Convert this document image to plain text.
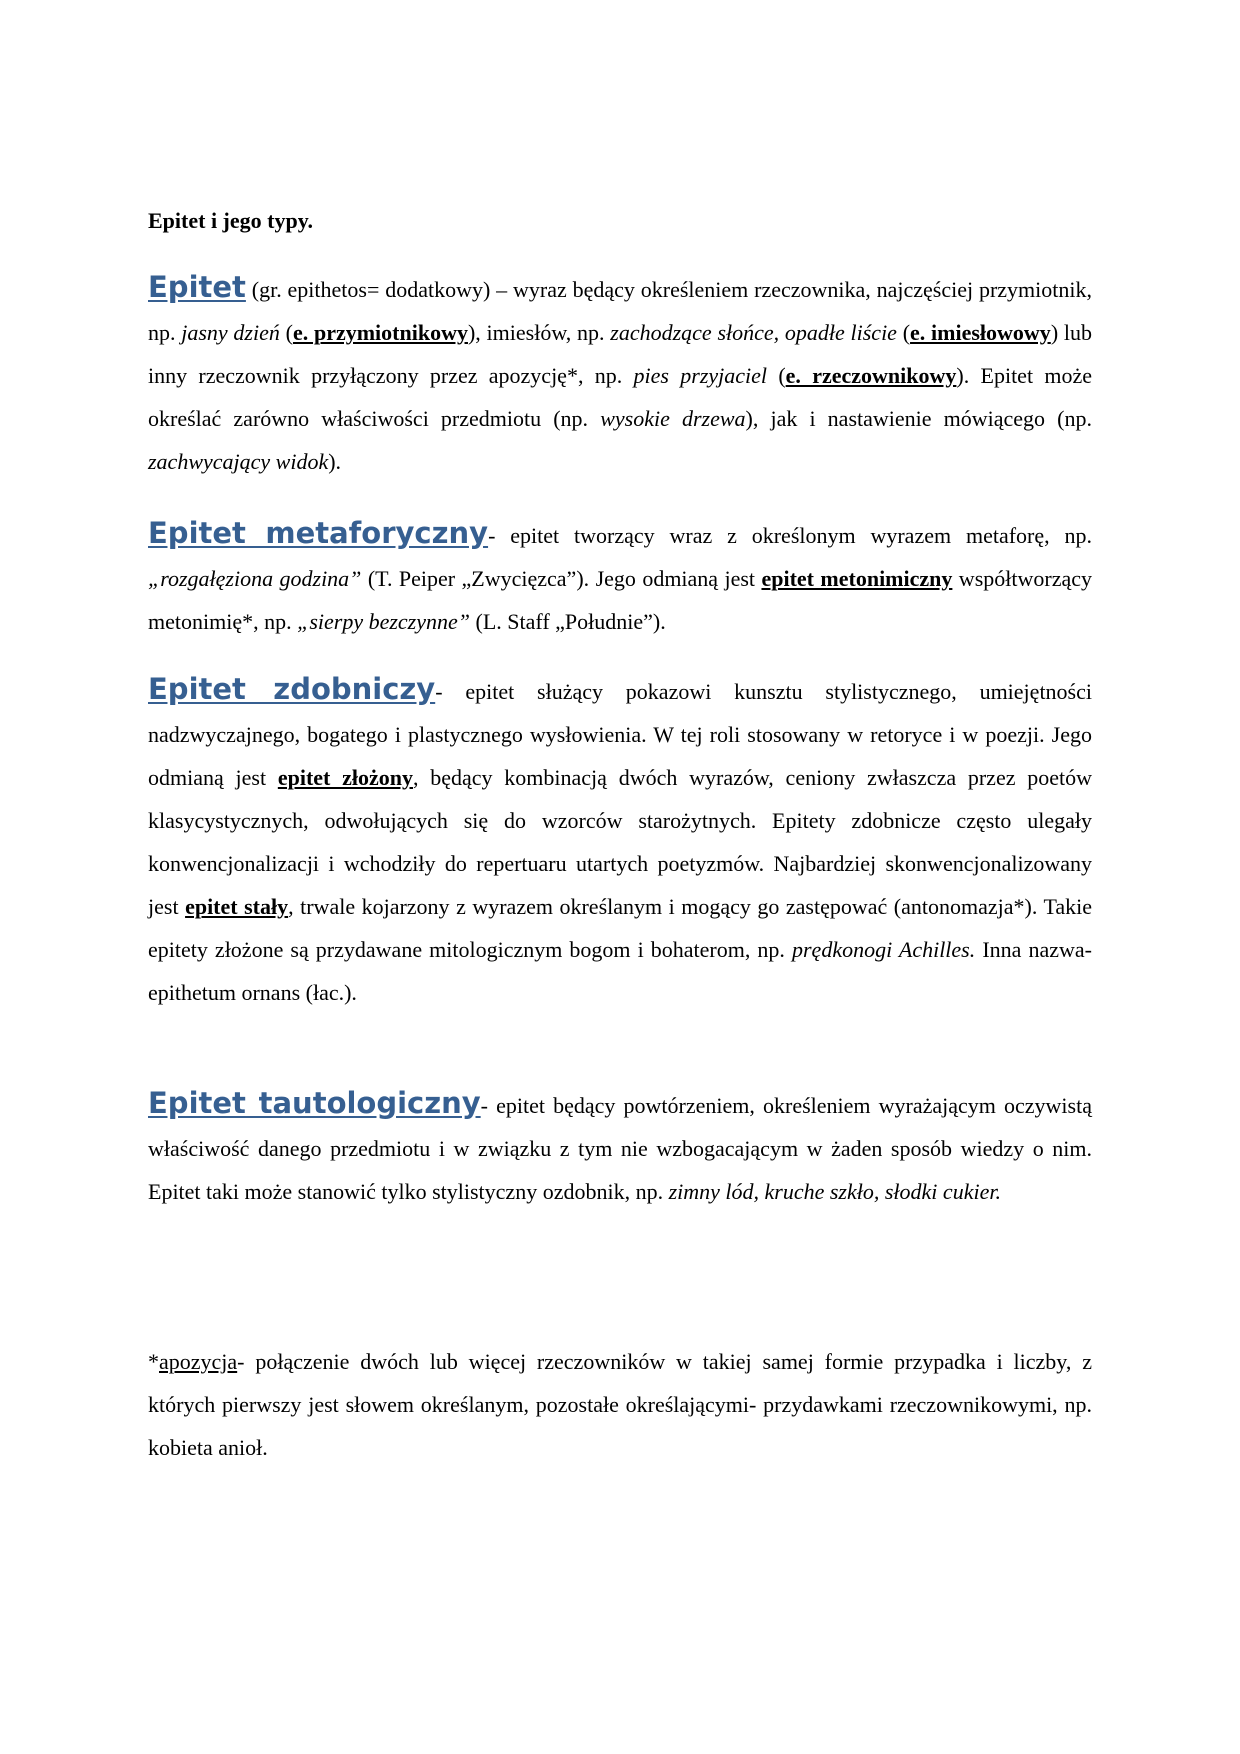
Epitet i jego typy.

Epitet (gr. epithetos= dodatkowy) – wyraz będący określeniem rzeczownika, najczęściej przymiotnik, np. jasny dzień (e. przymiotnikowy), imiesłów, np. zachodzące słońce, opadłe liście (e. imiesłowowy) lub inny rzeczownik przyłączony przez apozycję*, np. pies przyjaciel (e. rzeczownikowy). Epitet może określać zarówno właściwości przedmiotu (np. wysokie drzewa), jak i nastawienie mówiącego (np. zachwycający widok).

Epitet metaforyczny- epitet tworzący wraz z określonym wyrazem metaforę, np. „rozgałęziona godzina” (T. Peiper „Zwycięzca”). Jego odmianą jest epitet metonimiczny współtworzący metonimię*, np. „sierpy bezczynne” (L. Staff „Południe”).

Epitet zdobniczy- epitet służący pokazowi kunsztu stylistycznego, umiejętności nadzwyczajnego, bogatego i plastycznego wysłowienia. W tej roli stosowany w retoryce i w poezji. Jego odmianą jest epitet złożony, będący kombinacją dwóch wyrazów, ceniony zwłaszcza przez poetów klasycystycznych, odwołujących się do wzorców starożytnych. Epitety zdobnicze często ulegały konwencjonalizacji i wchodziły do repertuaru utartych poetyzmów. Najbardziej skonwencjonalizowany jest epitet stały, trwale kojarzony z wyrazem określanym i mogący go zastępować (antonomazja*). Takie epitety złożone są przydawane mitologicznym bogom i bohaterom, np. prędkonogi Achilles. Inna nazwa- epithetum ornans (łac.).

Epitet tautologiczny- epitet będący powtórzeniem, określeniem wyrażającym oczywistą właściwość danego przedmiotu i w związku z tym nie wzbogacającym w żaden sposób wiedzy o nim. Epitet taki może stanowić tylko stylistyczny ozdobnik, np. zimny lód, kruche szkło, słodki cukier.

*apozycja- połączenie dwóch lub więcej rzeczowników w takiej samej formie przypadka i liczby, z których pierwszy jest słowem określanym, pozostałe określającymi- przydawkami rzeczownikowymi, np. kobieta anioł.
